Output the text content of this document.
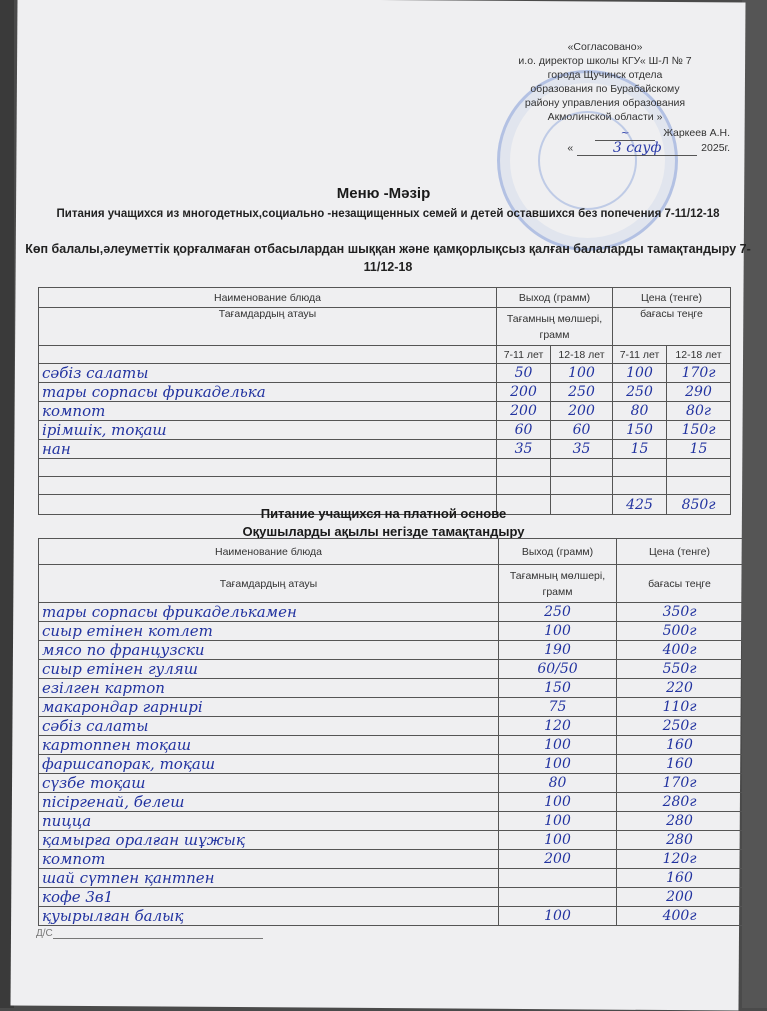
«Согласовано»
и.о. директор школы КГУ« Ш-Л № 7
города Щучинск отдела
образования по Бурабайскому
району управления образования
Акмолинской области »
~	Жаркеев А.Н.
«	3 сауф	2025г.
Меню -Мәзір
Питания учащихся из многодетных,социально -незащищенных семей и детей оставшихся без попечения 7-11/12-18
Көп балалы,әлеуметтік қорғалмаған отбасылардан шыққан және қамқорлықсыз қалған балаларды тамақтандыру 7-11/12-18
Наименование блюда	Выход (грамм)		Цена (тенге)	
Тағамдардың атауы	Тағамның мөлшері, грамм		бағасы теңге	
	7-11 лет	12-18 лет	7-11 лет	12-18 лет
сәбіз салаты	50	100	100	170г
тары сорпасы фрикаделька	200	250	250	290
компот	200	200	80	80г
ірімшік, тоқаш	60	60	150	150г
нан	35	35	15	15

			425	850г
Питание учащихся на платной основе
Оқушыларды ақылы негізде тамақтандыру
Наименование блюда	Выход (грамм)	Цена (тенге)
Тағамдардың атауы	Тағамның мөлшері, грамм	бағасы теңге
тары сорпасы фрикаделькамен	250	350г
сиыр етінен котлет	100	500г
мясо по французски	190	400г
сиыр етінен гуляш	60/50	550г
езілген картоп	150	220
макарондар гарнирі	75	110г
сәбіз салаты	120	250г
картоппен тоқаш	100	160
фаршсапорак, тоқаш	100	160
сүзбе тоқаш	80	170г
пісіргенай, белеш	100	280г
пицца	100	280
қамырға оралған шұжық	100	280
компот	200	120г
шай сүтпен қантпен		160
кофе 3в1		200
қуырылған балық	100	400г
Д/С
